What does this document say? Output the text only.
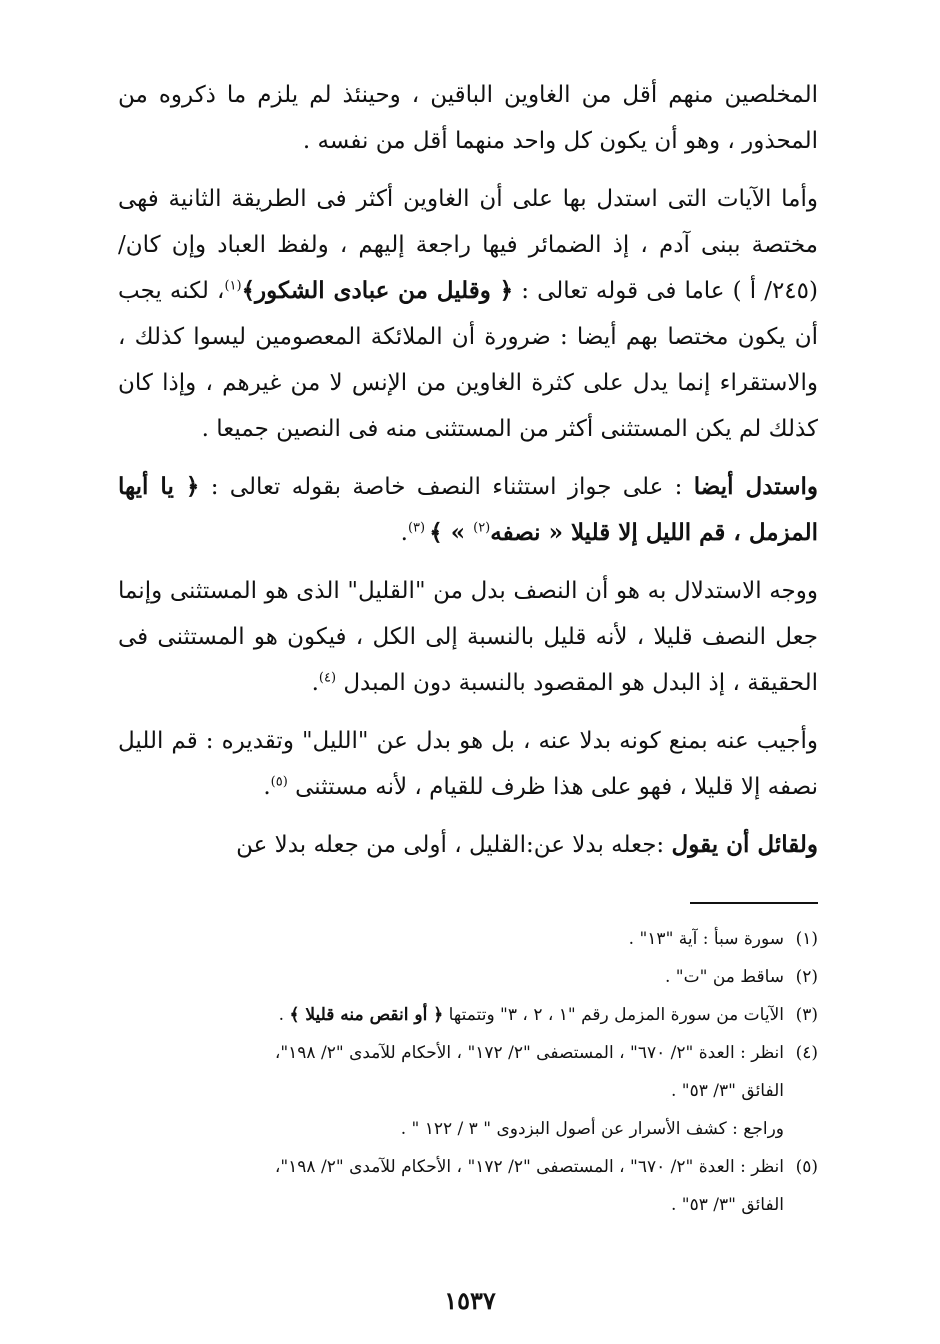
المخلصين منهم أقل من الغاوين الباقين ، وحينئذ لم يلزم ما ذكروه من المحذور ، وهو أن يكون كل واحد منهما أقل من نفسه .

وأما الآيات التى استدل بها على أن الغاوين أكثر فى الطريقة الثانية فهى مختصة ببنى آدم ، إذ الضمائر فيها راجعة إليهم ، ولفظ العباد وإن كان/ (٢٤٥/ أ ) عاما فى قوله تعالى : ﴿ وقليل من عبادى الشكور﴾$^{(١)}$، لكنه يجب أن يكون مختصا بهم أيضا : ضرورة أن الملائكة المعصومين ليسوا كذلك ، والاستقراء إنما يدل على كثرة الغاوين من الإنس لا من غيرهم ، وإذا كان كذلك لم يكن المستثنى أكثر من المستثنى منه فى النصين جميعا .

واستدل أيضا : على جواز استثناء النصف خاصة بقوله تعالى : ﴿ يا أيها المزمل ، قم الليل إلا قليلا « نصفه$^{(٢)}$ » ﴾ $^{(٣)}$.

ووجه الاستدلال به هو أن النصف بدل من "القليل" الذى هو المستثنى وإنما جعل النصف قليلا ، لأنه قليل بالنسبة إلى الكل ، فيكون هو المستثنى فى الحقيقة ، إذ البدل هو المقصود بالنسبة دون المبدل $^{(٤)}$.

وأجيب عنه بمنع كونه بدلا عنه ، بل هو بدل عن "الليل" وتقديره : قم الليل نصفه إلا قليلا ، فهو على هذا ظرف للقيام ، لأنه مستثنى $^{(٥)}$.

ولقائل أن يقول :جعله بدلا عن:القليل ، أولى من جعله بدلا عن

(١)
سورة سبأ : آية "١٣" .
(٢)
ساقط من "ت" .
(٣)
الآيات من سورة المزمل رقم "١ ، ٢ ، ٣" وتتمتها ﴿ أو انقص منه قليلا ﴾ .
(٤)
انظر : العدة "٢/ ٦٧٠" ، المستصفى "٢/ ١٧٢" ، الأحكام للآمدى "٢/ ١٩٨"،
الفائق "٣/ ٥٣" .
وراجع : كشف الأسرار عن أصول البزدوى " ٣ / ١٢٢ " .
(٥)
انظر : العدة "٢/ ٦٧٠" ، المستصفى "٢/ ١٧٢" ، الأحكام للآمدى "٢/ ١٩٨"،
الفائق "٣/ ٥٣" .
١٥٣٧
